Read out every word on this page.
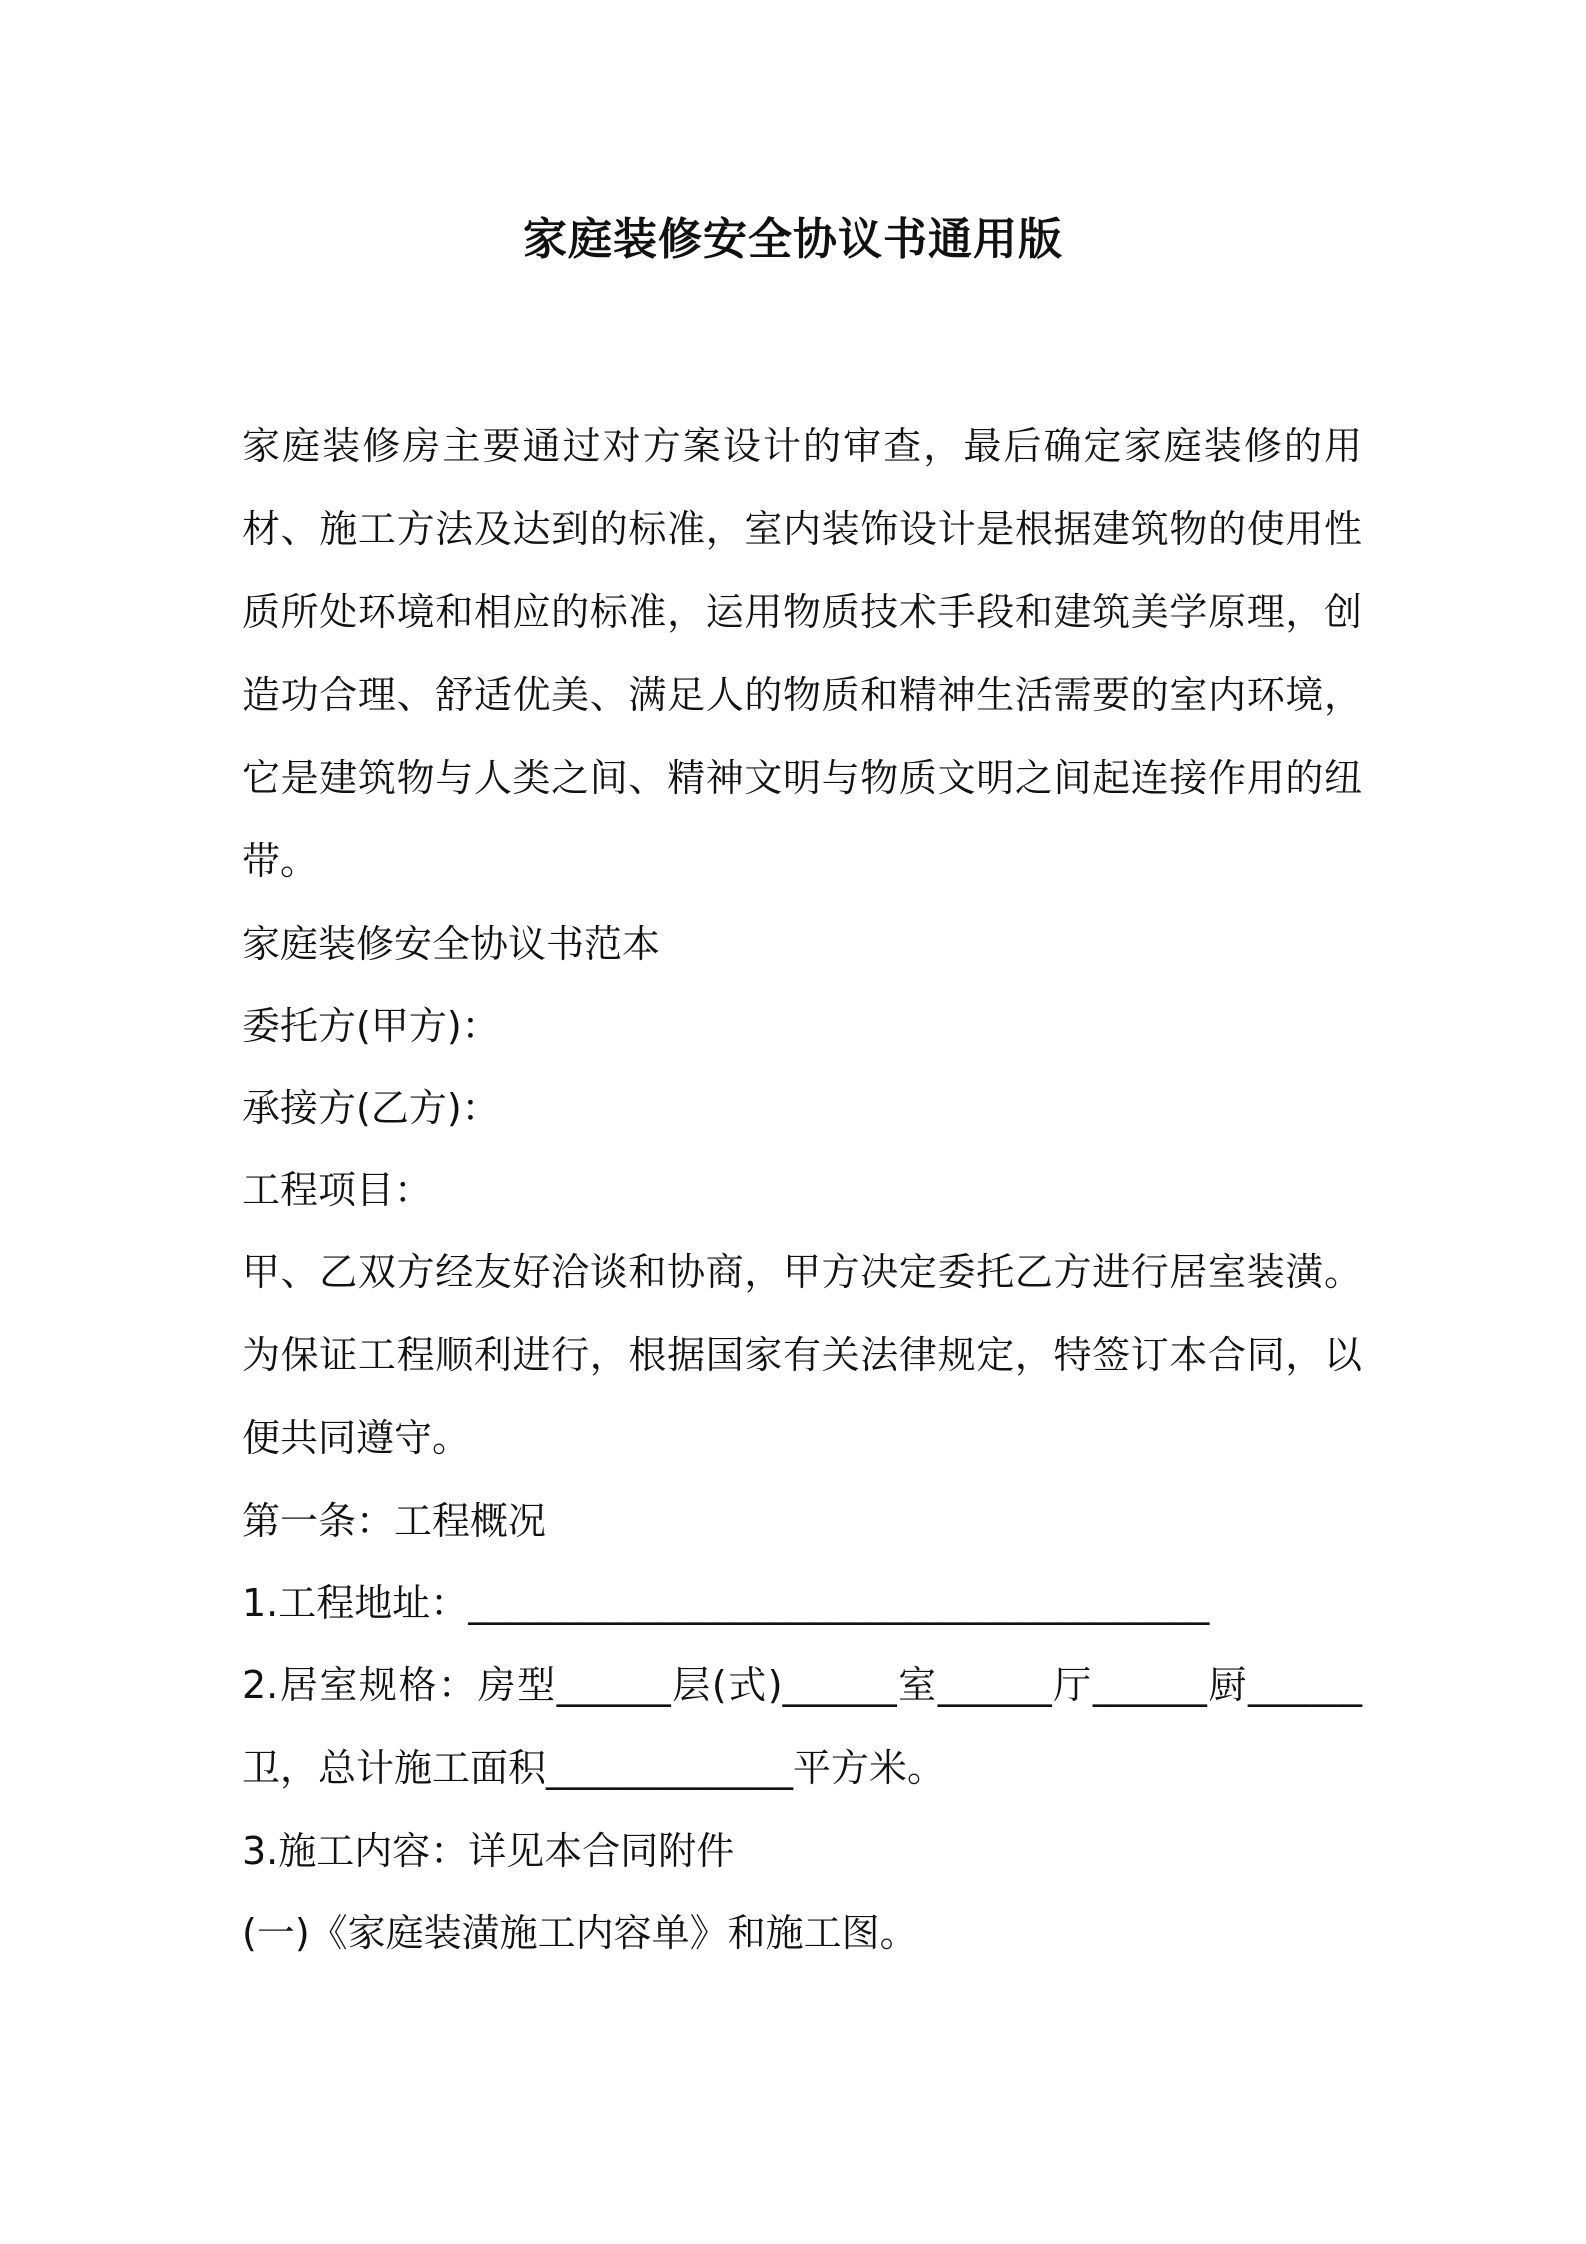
家庭装修安全协议书通用版

家庭装修房主要通过对方案设计的审查，最后确定家庭装修的用材、施工方法及达到的标准，室内装饰设计是根据建筑物的使用性质所处环境和相应的标准，运用物质技术手段和建筑美学原理，创造功合理、舒适优美、满足人的物质和精神生活需要的室内环境，它是建筑物与人类之间、精神文明与物质文明之间起连接作用的纽带。

家庭装修安全协议书范本

委托方(甲方)：

承接方(乙方)：

工程项目：

甲、乙双方经友好洽谈和协商，甲方决定委托乙方进行居室装潢。为保证工程顺利进行，根据国家有关法律规定，特签订本合同，以便共同遵守。

第一条：工程概况

1.工程地址：_______________________________________

2.居室规格：房型______层(式)______室______厅______厨______卫，总计施工面积_____________平方米。

3.施工内容：详见本合同附件

(一)《家庭装潢施工内容单》和施工图。
